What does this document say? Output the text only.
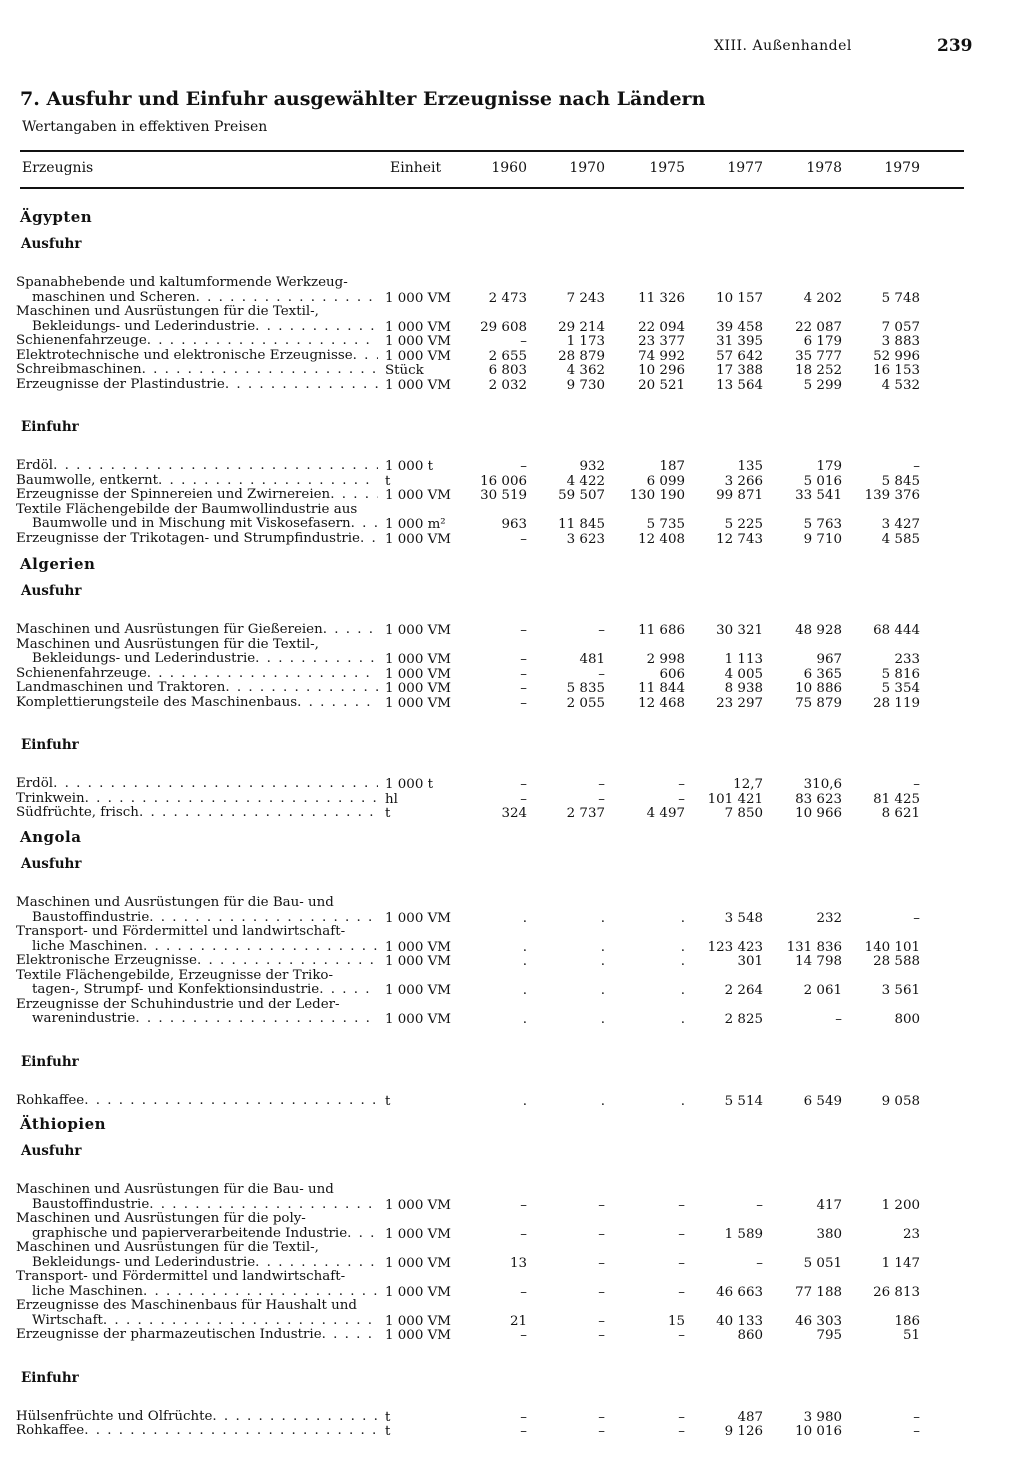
XIII. Außenhandel	239
7. Ausfuhr und Einfuhr ausgewählter Erzeugnisse nach Ländern
Wertangaben in effektiven Preisen
Erzeugnis	Einheit	1960	1970	1975	1977	1978	1979
Ägypten
Ausfuhr
Spanabhebende und kaltumformende Werkzeug-
maschinen und Scheren . . .	1 000 VM	2 473	7 243	11 326	10 157	4 202	5 748
Maschinen und Ausrüstungen für die Textil-,
Bekleidungs- und Lederindustrie . . .	1 000 VM	29 608	29 214	22 094	39 458	22 087	7 057
Schienenfahrzeuge . . .	1 000 VM	–	1 173	23 377	31 395	6 179	3 883
Elektrotechnische und elektronische Erzeugnisse . . . 1 000 VM	2 655	28 879	74 992	57 642	35 777	52 996
Schreibmaschinen . . .	Stück	6 803	4 362	10 296	17 388	18 252	16 153
Erzeugnisse der Plastindustrie . . .	1 000 VM	2 032	9 730	20 521	13 564	5 299	4 532
Einfuhr
Erdöl . . .	1 000 t	–	932	187	135	179	–
Baumwolle, entkernt . . .	t	16 006	4 422	6 099	3 266	5 016	5 845
Erzeugnisse der Spinnereien und Zwirnereien . . .	1 000 VM	30 519	59 507	130 190	99 871	33 541	139 376
Textile Flächengebilde der Baumwollindustrie aus
Baumwolle und in Mischung mit Viskosefasern . . .	1 000 m²	963	11 845	5 735	5 225	5 763	3 427
Erzeugnisse der Trikotagen- und Strumpfindustrie . . . 1 000 VM	–	3 623	12 408	12 743	9 710	4 585
Algerien
Ausfuhr
Maschinen und Ausrüstungen für Gießereien . . .	1 000 VM	–	–	11 686	30 321	48 928	68 444
Maschinen und Ausrüstungen für die Textil-,
Bekleidungs- und Lederindustrie . . .	1 000 VM	–	481	2 998	1 113	967	233
Schienenfahrzeuge . . .	1 000 VM	–	–	606	4 005	6 365	5 816
Landmaschinen und Traktoren . . .	1 000 VM	–	5 835	11 844	8 938	10 886	5 354
Komplettierungsteile des Maschinenbaus . . .	1 000 VM	–	2 055	12 468	23 297	75 879	28 119
Einfuhr
Erdöl . . .	1 000 t	–	–	–	12,7	310,6	–
Trinkwein . . .	hl	–	–	–	101 421	83 623	81 425
Südfrüchte, frisch . . .	t	324	2 737	4 497	7 850	10 966	8 621
Angola
Ausfuhr
Maschinen und Ausrüstungen für die Bau- und
Baustoffindustrie . . .	1 000 VM	.	.	.	3 548	232	–
Transport- und Fördermittel und landwirtschaft-
liche Maschinen . . .	1 000 VM	.	.	.	123 423	131 836	140 101
Elektronische Erzeugnisse . . .	1 000 VM	.	.	.	301	14 798	28 588
Textile Flächengebilde, Erzeugnisse der Triko-
tagen-, Strumpf- und Konfektionsindustrie . . .	1 000 VM	.	.	.	2 264	2 061	3 561
Erzeugnisse der Schuhindustrie und der Leder-
warenindustrie . . .	1 000 VM	.	.	.	2 825	–	800
Einfuhr
Rohkaffee . . .	t	.	.	.	5 514	6 549	9 058
Äthiopien
Ausfuhr
Maschinen und Ausrüstungen für die Bau- und
Baustoffindustrie . . .	1 000 VM	–	–	–	–	417	1 200
Maschinen und Ausrüstungen für die poly-
graphische und papierverarbeitende Industrie . . .	1 000 VM	–	–	–	1 589	380	23
Maschinen und Ausrüstungen für die Textil-,
Bekleidungs- und Lederindustrie . . .	1 000 VM	13	–	–	–	5 051	1 147
Transport- und Fördermittel und landwirtschaft-
liche Maschinen . . .	1 000 VM	–	–	–	46 663	77 188	26 813
Erzeugnisse des Maschinenbaus für Haushalt und
Wirtschaft . . .	1 000 VM	21	–	15	40 133	46 303	186
Erzeugnisse der pharmazeutischen Industrie . . .	1 000 VM	–	–	–	860	795	51
Einfuhr
Hülsenfrüchte und Ölfrüchte . . .	t	–	–	–	487	3 980	–
Rohkaffee . . .	t	–	–	–	9 126	10 016	–
